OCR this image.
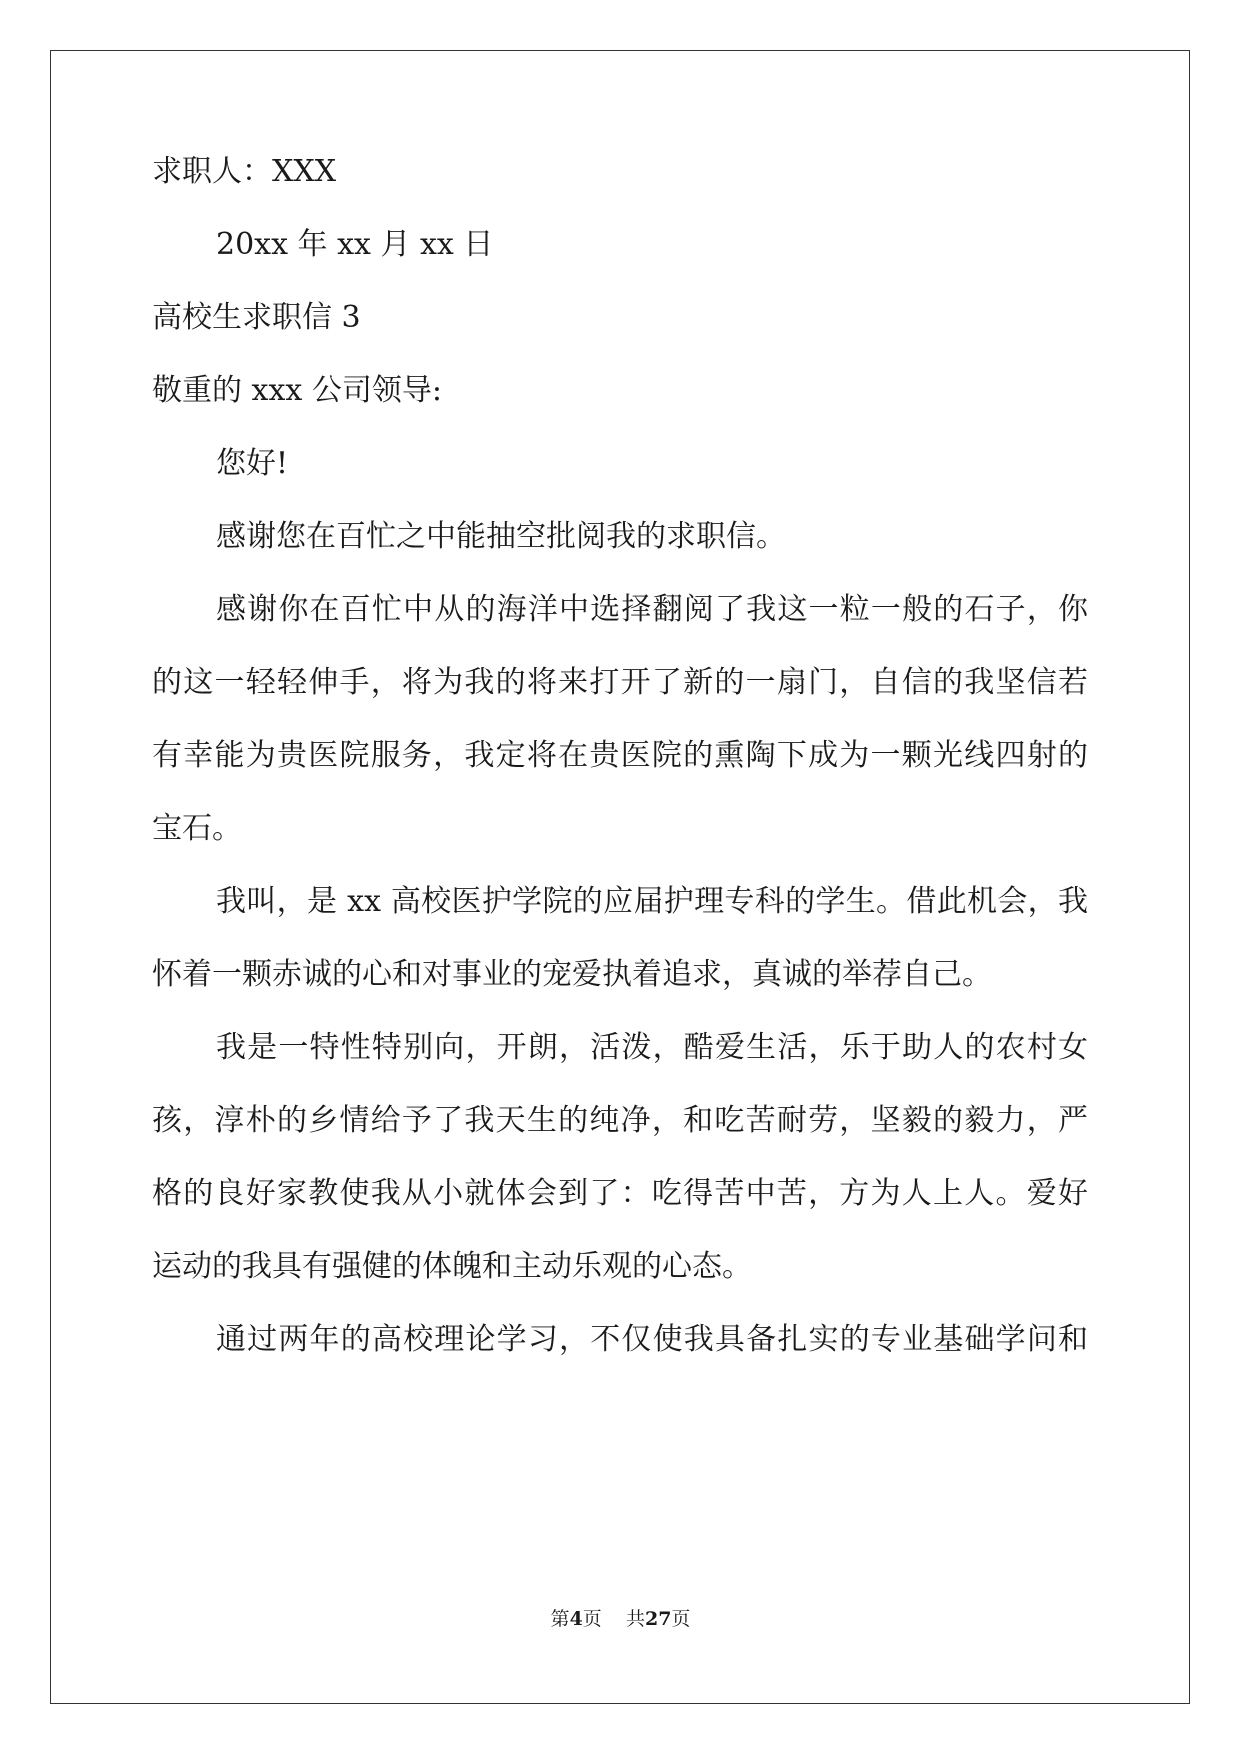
求职人：XXX
20xx 年 xx 月 xx 日
高校生求职信 3
敬重的 xxx 公司领导:
您好!
感谢您在百忙之中能抽空批阅我的求职信。
感谢你在百忙中从的海洋中选择翻阅了我这一粒一般的石子，你
的这一轻轻伸手，将为我的将来打开了新的一扇门，自信的我坚信若
有幸能为贵医院服务，我定将在贵医院的熏陶下成为一颗光线四射的
宝石。
我叫，是 xx 高校医护学院的应届护理专科的学生。借此机会，我
怀着一颗赤诚的心和对事业的宠爱执着追求，真诚的举荐自己。
我是一特性特别向，开朗，活泼，酷爱生活，乐于助人的农村女
孩，淳朴的乡情给予了我天生的纯净，和吃苦耐劳，坚毅的毅力，严
格的良好家教使我从小就体会到了：吃得苦中苦，方为人上人。爱好
运动的我具有强健的体魄和主动乐观的心态。
通过两年的高校理论学习，不仅使我具备扎实的专业基础学问和
第4页    共27页
